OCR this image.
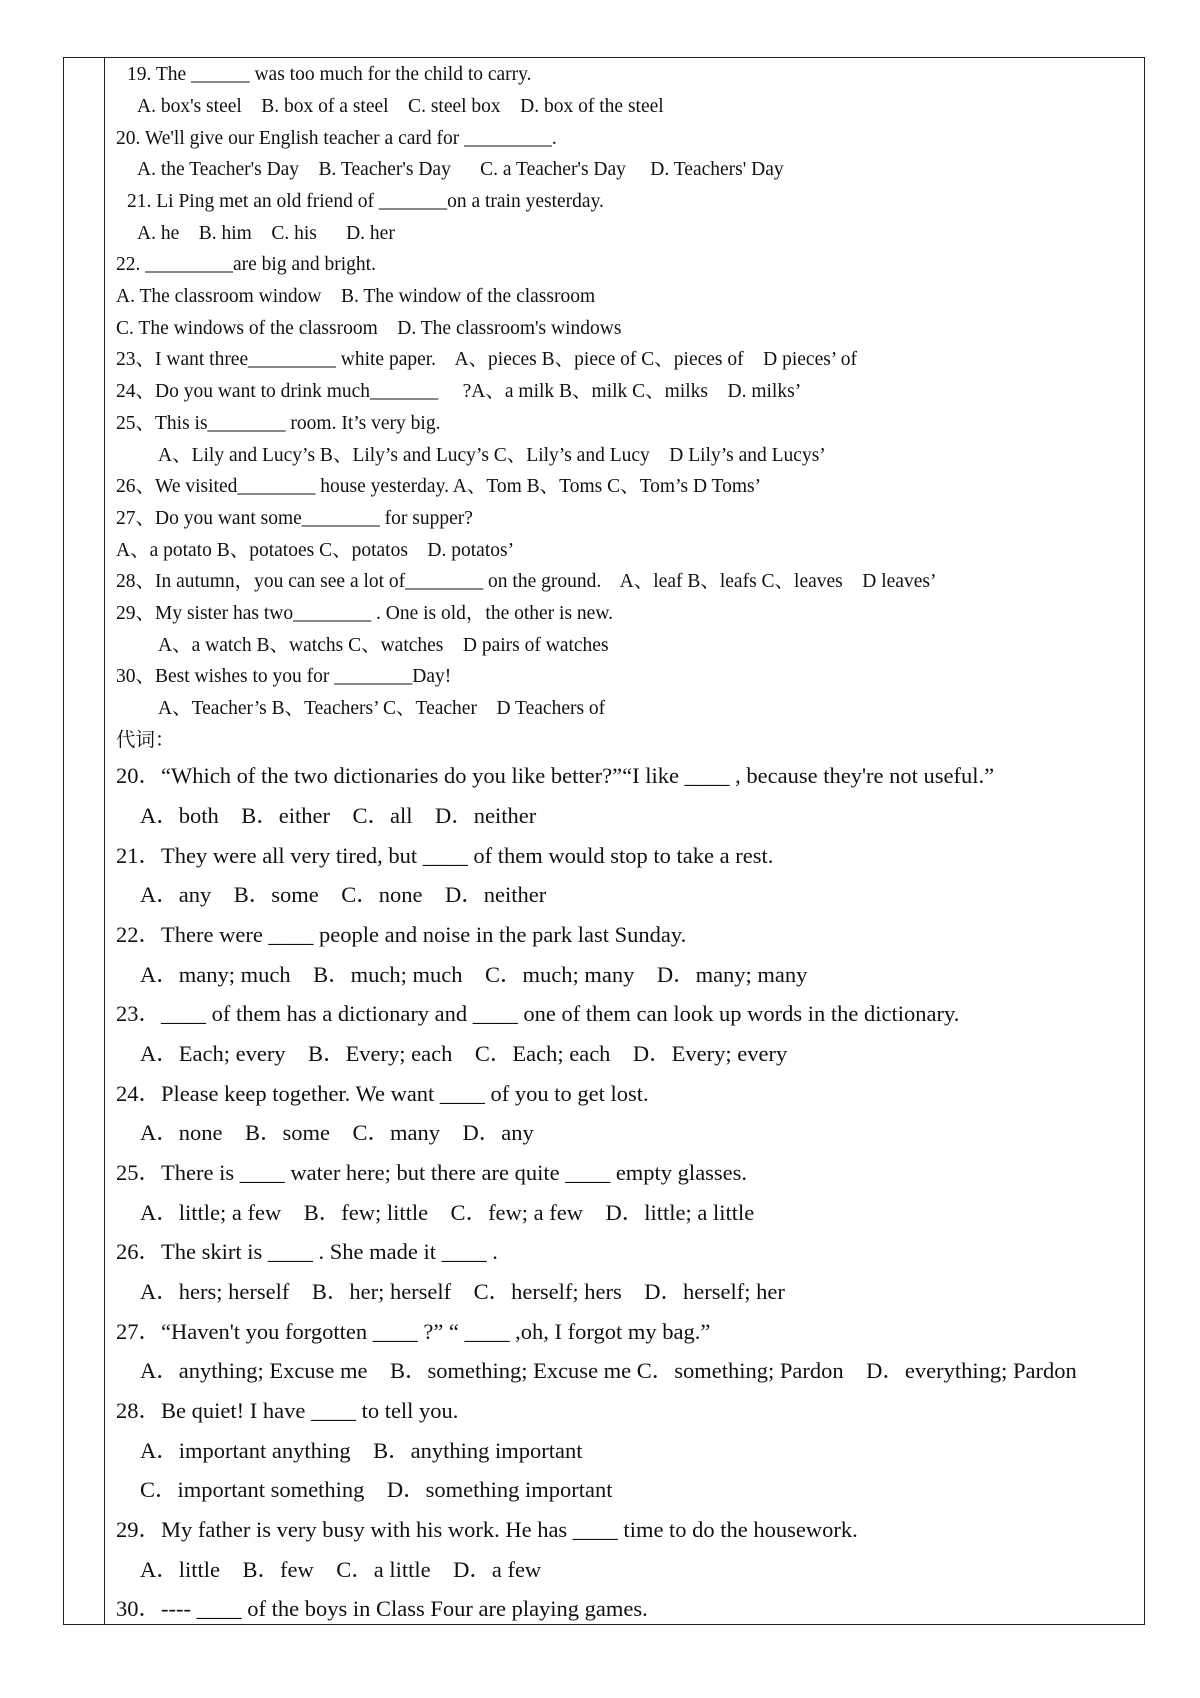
19. The ______ was too much for the child to carry.
A. box's steel    B. box of a steel    C. steel box    D. box of the steel
20. We'll give our English teacher a card for _________.
A. the Teacher's Day    B. Teacher's Day      C. a Teacher's Day     D. Teachers' Day
21. Li Ping met an old friend of _______on a train yesterday.
A. he    B. him    C. his      D. her
22. _________are big and bright.
A. The classroom window    B. The window of the classroom
C. The windows of the classroom    D. The classroom's windows
23、I want three_________ white paper.    A、pieces B、piece of C、pieces of    D pieces’ of
24、Do you want to drink much_______     ?A、a milk B、milk C、milks    D. milks’
25、This is________ room. It’s very big.
A、Lily and Lucy’s B、Lily’s and Lucy’s C、Lily’s and Lucy    D Lily’s and Lucys’
26、We visited________ house yesterday. A、Tom B、Toms C、Tom’s D Toms’
27、Do you want some________ for supper?
A、a potato B、potatoes C、potatos    D. potatos’
28、In autumn，you can see a lot of________ on the ground.    A、leaf B、leafs C、leaves    D leaves’
29、My sister has two________ . One is old，the other is new.
A、a watch B、watchs C、watches    D pairs of watches
30、Best wishes to you for ________Day!
A、Teacher’s B、Teachers’ C、Teacher    D Teachers of
代词：
20．“Which of the two dictionaries do you like better?”“I like ____ , because they're not useful.”
A．both    B．either    C．all    D．neither
21．They were all very tired, but ____ of them would stop to take a rest.
A．any    B．some    C．none    D．neither
22．There were ____ people and noise in the park last Sunday.
A．many; much    B．much; much    C．much; many    D．many; many
23．____ of them has a dictionary and ____ one of them can look up words in the dictionary.
A．Each; every    B．Every; each    C．Each; each    D．Every; every
24．Please keep together. We want ____ of you to get lost.
A．none    B．some    C．many    D．any
25．There is ____ water here; but there are quite ____ empty glasses.
A．little; a few    B．few; little    C．few; a few    D．little; a little
26．The skirt is ____ . She made it ____ .
A．hers; herself    B．her; herself    C．herself; hers    D．herself; her
27．“Haven't you forgotten ____ ?” “ ____ ,oh, I forgot my bag.”
A．anything; Excuse me    B．something; Excuse me C．something; Pardon    D．everything; Pardon
28．Be quiet! I have ____ to tell you.
A．important anything    B．anything important
C．important something    D．something important
29．My father is very busy with his work. He has ____ time to do the housework.
A．little    B．few    C．a little    D．a few
30．---- ____ of the boys in Class Four are playing games.
